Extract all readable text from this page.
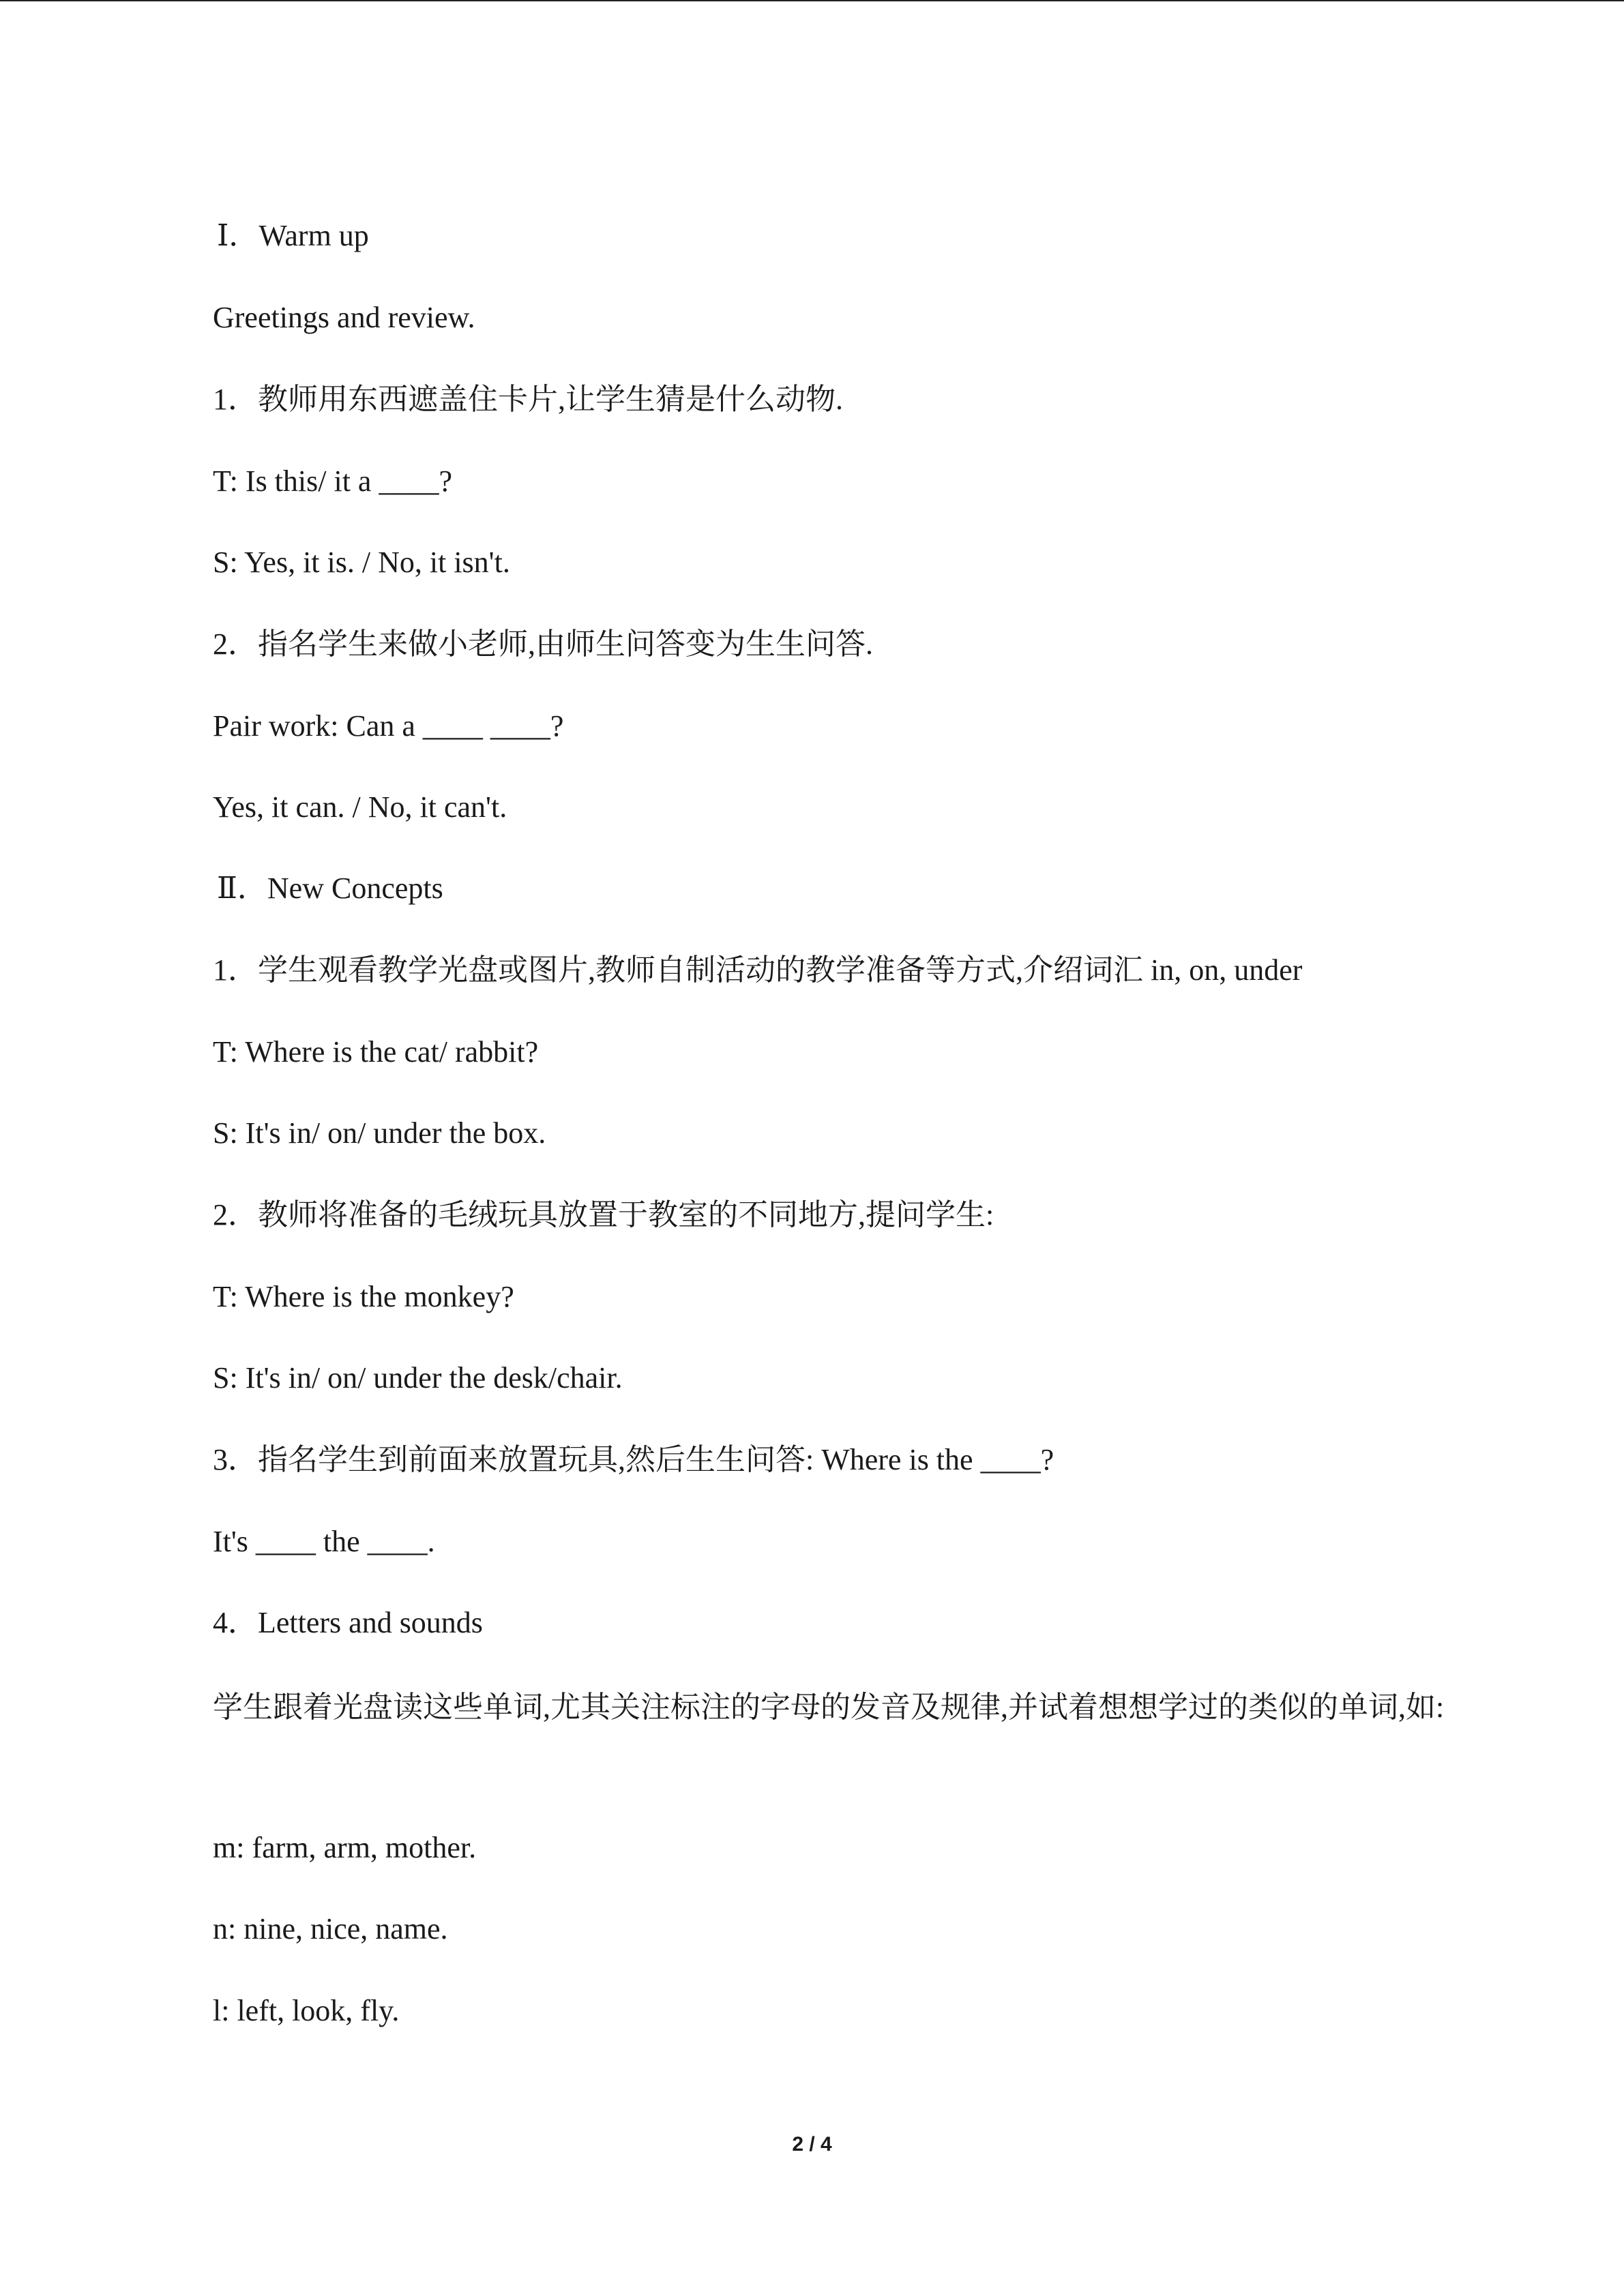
Ⅰ．Warm up
Greetings and review.
1．教师用东西遮盖住卡片,让学生猜是什么动物.
T: Is this/ it a ____?
S: Yes, it is. / No, it isn't.
2．指名学生来做小老师,由师生问答变为生生问答.
Pair work: Can a ____ ____?
Yes, it can. / No, it can't.
Ⅱ．New Concepts
1．学生观看教学光盘或图片,教师自制活动的教学准备等方式,介绍词汇 in, on, under
T: Where is the cat/ rabbit?
S: It's in/ on/ under the box.
2．教师将准备的毛绒玩具放置于教室的不同地方,提问学生:
T: Where is the monkey?
S: It's in/ on/ under the desk/chair.
3．指名学生到前面来放置玩具,然后生生问答: Where is the ____?
It's ____ the ____.
4．Letters and sounds
学生跟着光盘读这些单词,尤其关注标注的字母的发音及规律,并试着想想学过的类似的单词,如:
m: farm, arm, mother.
n: nine, nice, name.
l: left, look, fly.
2 / 4
